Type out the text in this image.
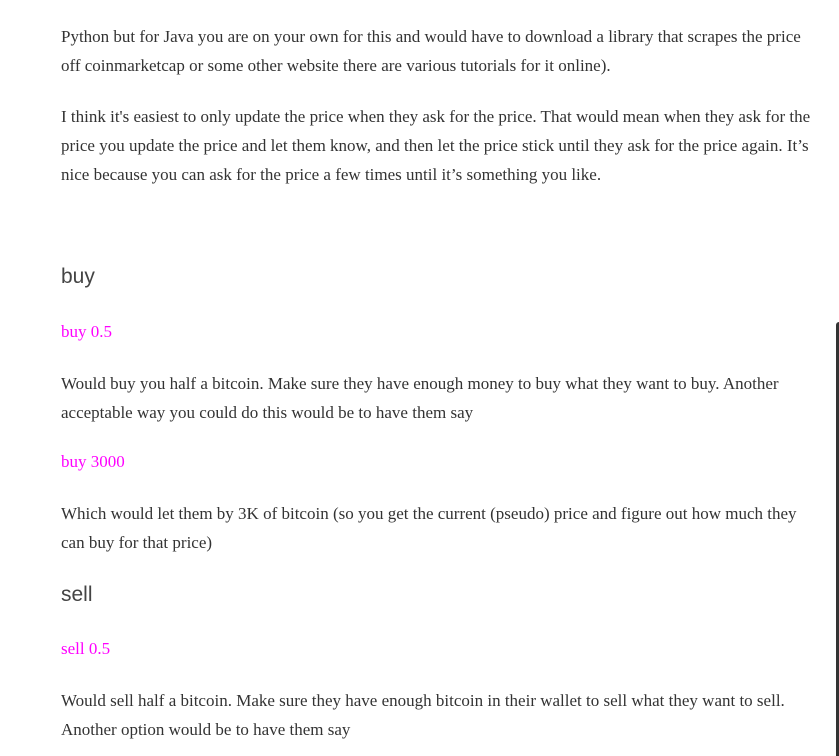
Python but for Java you are on your own for this and would have to download a library that scrapes the price off coinmarketcap or some other website there are various tutorials for it online).

I think it's easiest to only update the price when they ask for the price. That would mean when they ask for the price you update the price and let them know, and then let the price stick until they ask for the price again. It’s nice because you can ask for the price a few times until it’s something you like.

buy

buy 0.5

Would buy you half a bitcoin. Make sure they have enough money to buy what they want to buy. Another acceptable way you could do this would be to have them say

buy 3000

Which would let them by 3K of bitcoin (so you get the current (pseudo) price and figure out how much they can buy for that price)

sell

sell 0.5

Would sell half a bitcoin. Make sure they have enough bitcoin in their wallet to sell what they want to sell. Another option would be to have them say
